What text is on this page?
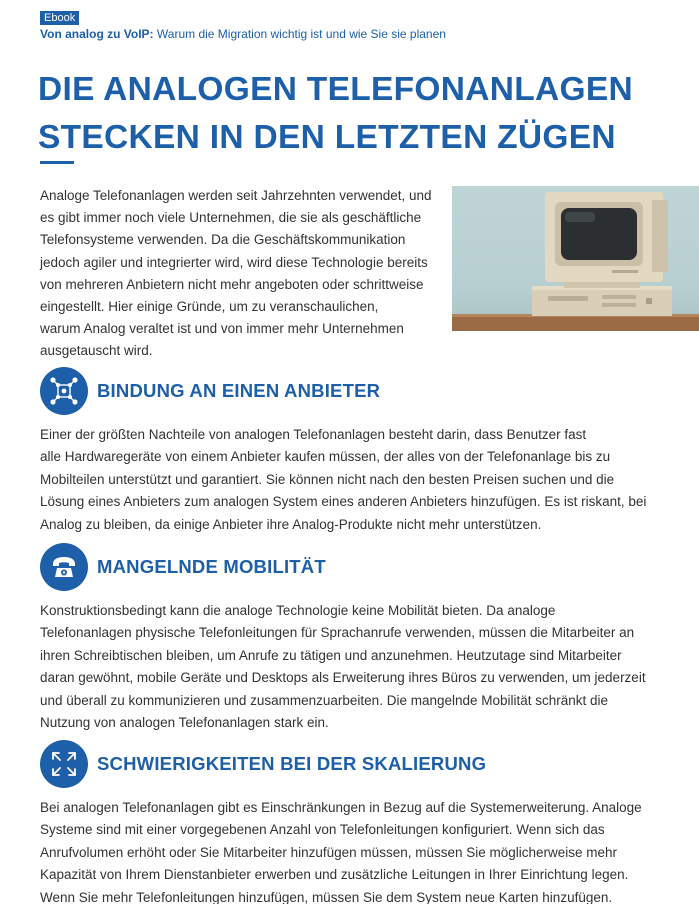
Ebook
Von analog zu VoIP: Warum die Migration wichtig ist und wie Sie sie planen
DIE ANALOGEN TELEFONANLAGEN
STECKEN IN DEN LETZTEN ZÜGEN
Analoge Telefonanlagen werden seit Jahrzehnten verwendet, und
es gibt immer noch viele Unternehmen, die sie als geschäftliche
Telefonsysteme verwenden. Da die Geschäftskommunikation
jedoch agiler und integrierter wird, wird diese Technologie bereits
von mehreren Anbietern nicht mehr angeboten oder schrittweise
eingestellt. Hier einige Gründe, um zu veranschaulichen,
warum Analog veraltet ist und von immer mehr Unternehmen
ausgetauscht wird.
BINDUNG AN EINEN ANBIETER
Einer der größten Nachteile von analogen Telefonanlagen besteht darin, dass Benutzer fast
alle Hardwaregeräte von einem Anbieter kaufen müssen, der alles von der Telefonanlage bis zu
Mobilteilen unterstützt und garantiert. Sie können nicht nach den besten Preisen suchen und die
Lösung eines Anbieters zum analogen System eines anderen Anbieters hinzufügen. Es ist riskant, bei
Analog zu bleiben, da einige Anbieter ihre Analog-Produkte nicht mehr unterstützen.
MANGELNDE MOBILITÄT
Konstruktionsbedingt kann die analoge Technologie keine Mobilität bieten. Da analoge
Telefonanlagen physische Telefonleitungen für Sprachanrufe verwenden, müssen die Mitarbeiter an
ihren Schreibtischen bleiben, um Anrufe zu tätigen und anzunehmen. Heutzutage sind Mitarbeiter
daran gewöhnt, mobile Geräte und Desktops als Erweiterung ihres Büros zu verwenden, um jederzeit
und überall zu kommunizieren und zusammenzuarbeiten. Die mangelnde Mobilität schränkt die
Nutzung von analogen Telefonanlagen stark ein.
SCHWIERIGKEITEN BEI DER SKALIERUNG
Bei analogen Telefonanlagen gibt es Einschränkungen in Bezug auf die Systemerweiterung. Analoge
Systeme sind mit einer vorgegebenen Anzahl von Telefonleitungen konfiguriert. Wenn sich das
Anrufvolumen erhöht oder Sie Mitarbeiter hinzufügen müssen, müssen Sie möglicherweise mehr
Kapazität von Ihrem Dienstanbieter erwerben und zusätzliche Leitungen in Ihrer Einrichtung legen.
Wenn Sie mehr Telefonleitungen hinzufügen, müssen Sie dem System neue Karten hinzufügen.
